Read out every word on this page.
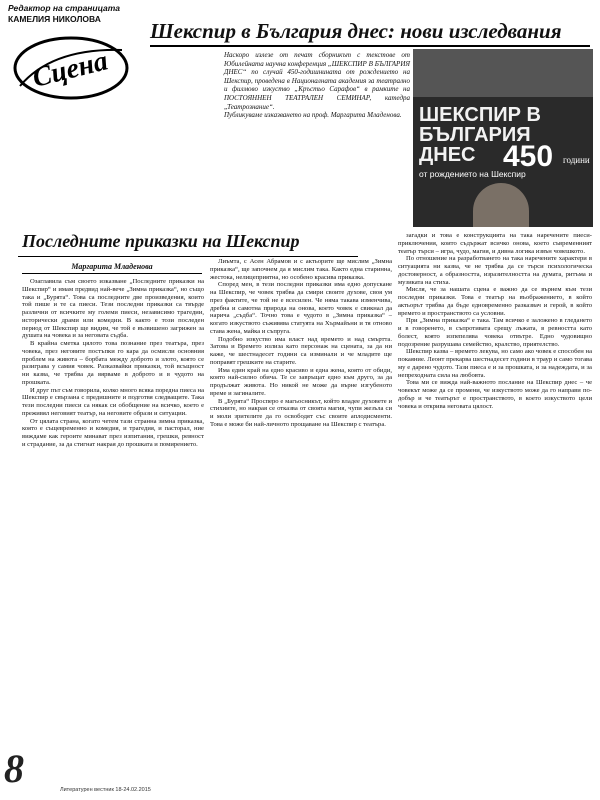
Редактор на страницата
КАМЕЛИЯ НИКОЛОВА
Сцена
Шекспир в България днес: нови изследвания
Наскоро излезе от печат сборникът с текстове от Юбилейната научна конференция „ШЕКСПИР В БЪЛГАРИЯ ДНЕС“ по случай 450-годишнината от рождението на Шекспир, проведена в Националната академия за театрално и филмово изкуство „Кръстьо Сарафов“ в рамките на ПОСТОЯННЕН ТЕАТРАЛЕН СЕМИНАР, катедра „Театрознание“.
Публикуваме изказването на проф. Маргарита Младенова. ШЕКСПИР В БЪЛГАРИЯ ДНЕС 450 години
от рождението на Шекспир
Последните приказки на Шекспир
Маргарита Младенова

Озаглавила съм своето изказване „Последните приказки на Шекспир“ и имам предвид най-вече „Зимна приказка“, но също така и „Бурята“. Това са последните две произведения, които той пише и те са пиеси. Тези последни приказки са твърде различни от всичките му големи пиеси, независимо трагедии, исторически драми или комедии. В както е този последен период от Шекспир ще видим, че той е възвишено загрижен за душата на човека и за неговата съдба.

В крайна сметка цялото това познание през театъра, през човека, през неговите постъпки го кара да осмисли основния проблем на живота – борбата между доброто и злото, която се разиграва у самия човек. Разказвайки приказки, той всъщност ни казва, че трябва да вярваме в доброто и в чудото на прошката.

И друг път съм говорила, колко много всяка поредна пиеса на Шекспир е свързана с предишните и подготвя следващите. Така тези последни пиеси са някак си обобщение на всичко, което е преживял неговият театър, на неговите образи и ситуации.

От цялата страна, когато четем тази странна зимна приказка, която е същевременно и комедия, и трагедия, и пасторал, ние виждаме как героите минават през изпитания, грешки, ревност и страдание, за да стигнат накрая до прошката и помирението.

Лиъмта, с Асен Абрамов и с актьорите ще мислим „Зимна приказка“, ще започнем да я мислим така. Както една старинна, жестока, нелицеприятна, но особено красива приказка.

Според мен, в тези последни приказки има едно допускане на Шекспир, че човек трябва да смири своите духове, своя ум през фактите, че той не е всесилен. Че няма такава изменчива, дребна и самотна природа на онова, което човек е свикнал да нарича „съдба“. Точно това е чудото в „Зимна приказка“ – когато изкуството съживява статуята на Хърмайъни и тя отново става жена, майка и съпруга.

Подобно изкуство има власт над времето и над смъртта. Затова и Времето излиза като персонаж на сцената, за да ни каже, че шестнадесет години са изминали и че младите ще поправят грешките на старите.

Има един край на едно красиво и една жена, която от обиди, която най-силно обича. Те се завръщат едно към друго, за да продължат живота. Но никой не може да върне изгубеното време и загиналите.

В „Бурята“ Просперо е магьосникът, който владее духовете и стихиите, но накрая се отказва от своята магия, чупи жезъла си и моли зрителите да го освободят със своите аплодисменти. Това е може би най-личното прощаване на Шекспир с театъра.

загадки и това е конструкцията на така наречените пиеси-приключения, които съдържат всичко онова, което съвременният театър търси – игра, чудо, магия, и дивна логика извън човешкото.

По отношение на разработването на така наречените характери в ситуацията ни казва, че не трябва да се търси психологическа достоверност, а образността, изразителността на думата, ритъма и музиката на стиха.

Мисля, че за нашата сцена е важно да се върнем към тези последни приказки. Това е театър на въображението, в който актьорът трябва да бъде едновременно разказвач и герой, в който времето и пространството са условни.

При „Зимна приказка“ е така. Там всичко е заложено в гледането и в говоренето, в съпротивата срещу лъжата, в ревността като болест, която изпепелява човека отвътре. Едно чудовищно подозрение разрушава семейство, кралство, приятелство.

Шекспир казва – времето лекува, но само ако човек е способен на покаяние. Леонт прекарва шестнадесет години в траур и само тогава му е дарено чудото. Тази пиеса е и за прошката, и за надеждата, и за непреходната сила на любовта.

Това ми се вижда най-важното послание на Шекспир днес – че човекът може да се промени, че изкуството може да го направи по-добър и че театърът е пространството, в което изкуството цели човека и открива неговата цялост.

8	Литературен вестник 18-24.02.2015
